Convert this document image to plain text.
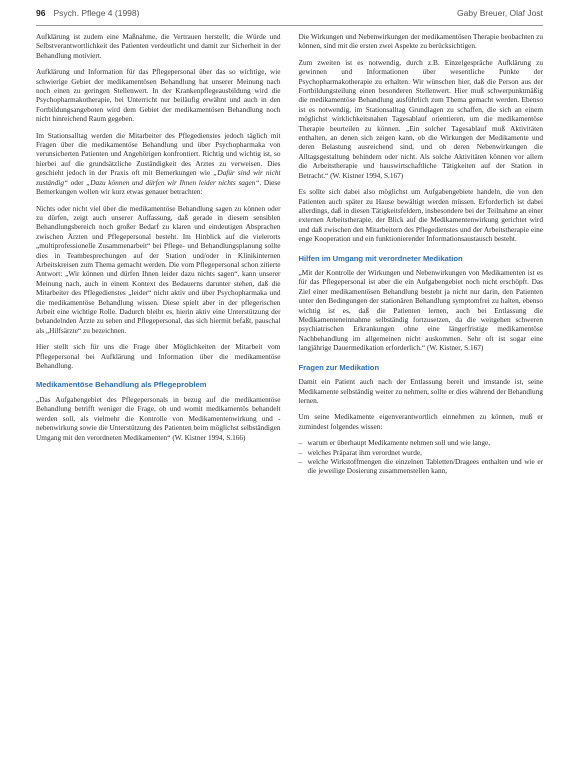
96 Psych. Pflege 4 (1998)	Gaby Breuer, Olaf Jost

Aufklärung ist zudem eine Maßnahme, die Vertrauen herstellt, die Würde und Selbstverantwortlichkeit des Patienten verdeutlicht und damit zur Sicherheit in der Behandlung motiviert.

Aufklärung und Information für das Pflegepersonal über das so wichtige, wie schwierige Gebiet der medikamentösen Behandlung hat unserer Meinung nach noch einen zu geringen Stellenwert. In der Krankenpflegeausbildung wird die Psychopharmakotherapie, bei Unterricht nur beiläufig erwähnt und auch in den Fortbildungsangeboten wird dem Gebiet der medikamentösen Behandlung noch nicht hinreichend Raum gegeben.

Im Stationsalltag werden die Mitarbeiter des Pflegedienstes jedoch täglich mit Fragen über die medikamentöse Behandlung und über Psychopharmaka von verunsicherten Patienten und Angehörigen konfrontiert. Richtig und wichtig ist, so hierbei auf die grundsätzliche Zuständigkeit des Arztes zu verweisen. Dies geschieht jedoch in der Praxis oft mit Bemerkungen wie „Dafür sind wir nicht zuständig“ oder „Dazu können und dürfen wir Ihnen leider nichts sagen“. Diese Bemerkungen wollen wir kurz etwas genauer betrachten:

Nichts oder nicht viel über die medikamentöse Behandlung sagen zu können oder zu dürfen, zeigt auch unserer Auffassung, daß gerade in diesem sensiblen Behandlungsbereich noch großer Bedarf zu klaren und eindeutigen Absprachen zwischen Ärzten und Pflegepersonal besteht. Im Hinblick auf die vielerorts „multiprofessionelle Zusammenarbeit“ bei Pflege- und Behandlungsplanung sollte dies in Teambesprechungen auf der Station und/oder in Klinikinternen Arbeitskreisen zum Thema gemacht werden. Die vom Pflegepersonal schon zitierte Antwort: „Wir können und dürfen Ihnen leider dazu nichts sagen“, kann unserer Meinung nach, auch in einem Kontext des Bedauerns darunter stehen, daß die Mitarbeiter des Pflegedienstes „leider“ nicht aktiv und über Psychopharmaka und die medikamentöse Behandlung wissen. Diese spielt aber in der pflegerischen Arbeit eine wichtige Rolle. Dadurch bleibt es, hierin aktiv eine Unterstützung der behandelnden Ärzte zu sehen und Pflegepersonal, das sich hiermit befaßt, pauschal als „Hilfsärzte“ zu bezeichnen.

Hier stellt sich für uns die Frage über Möglichkeiten der Mitarbeit vom Pflegepersonal bei Aufklärung und Information über die medikamentöse Behandlung.

Medikamentöse Behandlung als Pflegeproblem

„Das Aufgabengebiet des Pflegepersonals in bezug auf die medikamentöse Behandlung betrifft weniger die Frage, ob und womit medikamentös behandelt werden soll, als vielmehr die Kontrolle von Medikamentenwirkung und -nebenwirkung sowie die Unterstützung des Patienten beim möglichst selbständigen Umgang mit den verordneten Medikamenten“ (W. Kistner 1994, S.166)

Die Wirkungen und Nebenwirkungen der medikamentösen Therapie beobachten zu können, sind mit die ersten zwei Aspekte zu berücksichtigen.

Zum zweiten ist es notwendig, durch z.B. Einzelgespräche Aufklärung zu gewinnen und Informationen über wesentliche Punkte der Psychopharmakotherapie zu erhalten. Wir wünschen hier, daß die Person aus der Fortbildungsteilung einen besonderen Stellenwert. Hier muß schwerpunktmäßig die medikamentöse Behandlung ausführlich zum Thema gemacht werden. Ebenso ist es notwendig, im Stationsalltag Grundlagen zu schaffen, die sich an einem möglichst wirklichkeitsnahen Tagesablauf orientieren, um die medikamentöse Therapie beurteilen zu können. „Ein solcher Tagesablauf muß Aktivitäten enthalten, an denen sich zeigen kann, ob die Wirkungen der Medikamente und deren Belastung ausreichend sind, und ob deren Nebenwirkungen die Alltagsgestaltung behindern oder nicht. Als solche Aktivitäten können vor allem die Arbeitstherapie und hauswirtschaftliche Tätigkeiten auf der Station in Betracht.“ (W. Kistner 1994, S.167)

Es sollte sich dabei also möglichst um Aufgabengebiete handeln, die von den Patienten auch später zu Hause bewältigt werden müssen. Erforderlich ist dabei allerdings, daß in diesen Tätigkeitsfeldern, insbesondere bei der Teilnahme an einer externen Arbeitstherapie, der Blick auf die Medikamentenwirkung gerichtet wird und daß zwischen den Mitarbeitern des Pflegedienstes und der Arbeitstherapie eine enge Kooperation und ein funktionierender Informationsaustausch besteht.

Hilfen im Umgang mit verordneter Medikation

„Mit der Kontrolle der Wirkungen und Nebenwirkungen von Medikamenten ist es für das Pflegepersonal ist aber die ein Aufgabengebiet noch nicht erschöpft. Das Ziel einer medikamentösen Behandlung besteht ja nicht nur darin, den Patienten unter den Bedingungen der stationären Behandlung symptomfrei zu halten, ebenso wichtig ist es, daß die Patienten lernen, auch bei Entlassung die Medikamenteneinnahme selbständig fortzusetzen, da die weitgehen schweren psychiatrischen Erkrankungen ohne eine längerfristige medikamentöse Nachbehandlung im allgemeinen nicht auskommen. Sehr oft ist sogar eine langjährige Dauermedikation erforderlich.“ (W. Kistner, S.167)

Fragen zur Medikation

Damit ein Patient auch nach der Entlassung bereit und imstande ist, seine Medikamente selbständig weiter zu nehmen, sollte er dies während der Behandlung lernen.

Um seine Medikamente eigenverantwortlich einnehmen zu können, muß er zumindest folgendes wissen:

– warum er überhaupt Medikamente nehmen soll und wie lange,
– welches Präparat ihm verordnet wurde,
– welche Wirkstoffmengen die einzelnen Tabletten/Dragees enthalten und wie er die jeweilige Dosierung zusammenstellen kann,
